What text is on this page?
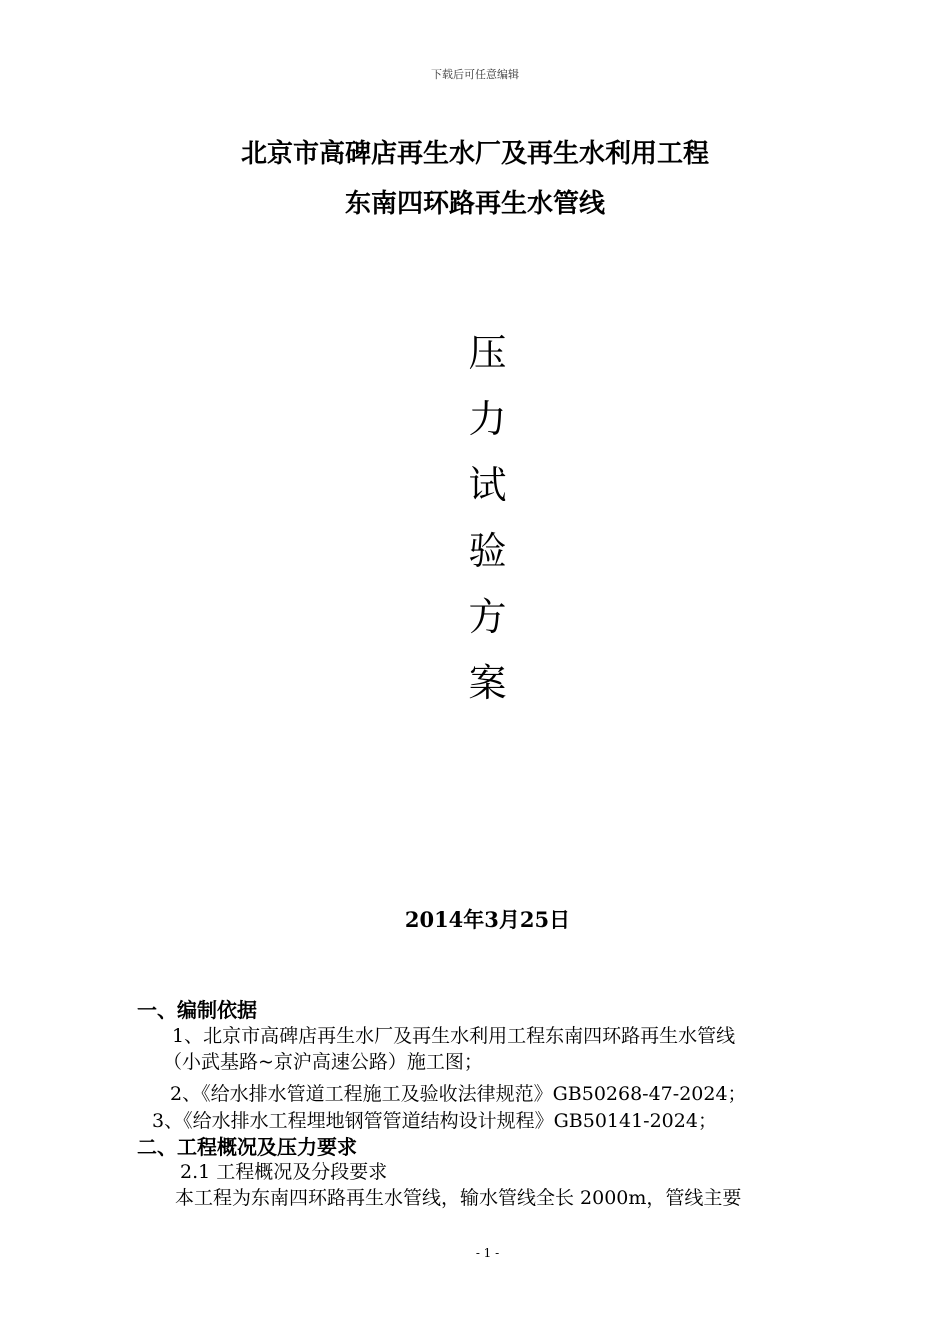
下载后可任意编辑
北京市高碑店再生水厂及再生水利用工程
东南四环路再生水管线
压
力
试
验
方
案
2014年3月25日
一、编制依据
1、北京市高碑店再生水厂及再生水利用工程东南四环路再生水管线
（小武基路~京沪高速公路）施工图；
2、《给水排水管道工程施工及验收法律规范》GB50268-47-2024；
3、《给水排水工程埋地钢管管道结构设计规程》GB50141-2024；
二、工程概况及压力要求
2.1 工程概况及分段要求
本工程为东南四环路再生水管线，输水管线全长 2000m，管线主要
- 1 -
